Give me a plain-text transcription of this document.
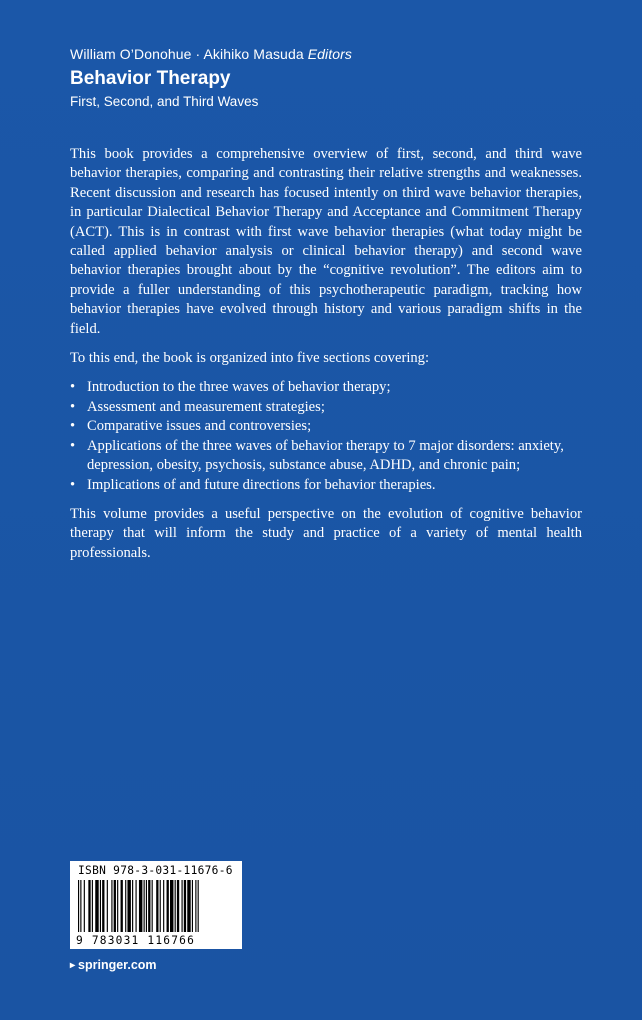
William O’Donohue · Akihiko Masuda Editors
Behavior Therapy
First, Second, and Third Waves

This book provides a comprehensive overview of first, second, and third wave behavior therapies, comparing and contrasting their relative strengths and weaknesses. Recent discussion and research has focused intently on third wave behavior therapies, in particular Dialectical Behavior Therapy and Acceptance and Commitment Therapy (ACT). This is in contrast with first wave behavior therapies (what today might be called applied behavior analysis or clinical behavior therapy) and second wave behavior therapies brought about by the “cognitive revolution”. The editors aim to provide a fuller understanding of this psychotherapeutic paradigm, tracking how behavior therapies have evolved through history and various paradigm shifts in the field.

To this end, the book is organized into five sections covering:

• Introduction to the three waves of behavior therapy;
• Assessment and measurement strategies;
• Comparative issues and controversies;
• Applications of the three waves of behavior therapy to 7 major disorders: anxiety, depression, obesity, psychosis, substance abuse, ADHD, and chronic pain;
• Implications of and future directions for behavior therapies.

This volume provides a useful perspective on the evolution of cognitive behavior therapy that will inform the study and practice of a variety of mental health professionals.

ISBN 978-3-031-11676-6
9 783031 116766
▸ springer.com
